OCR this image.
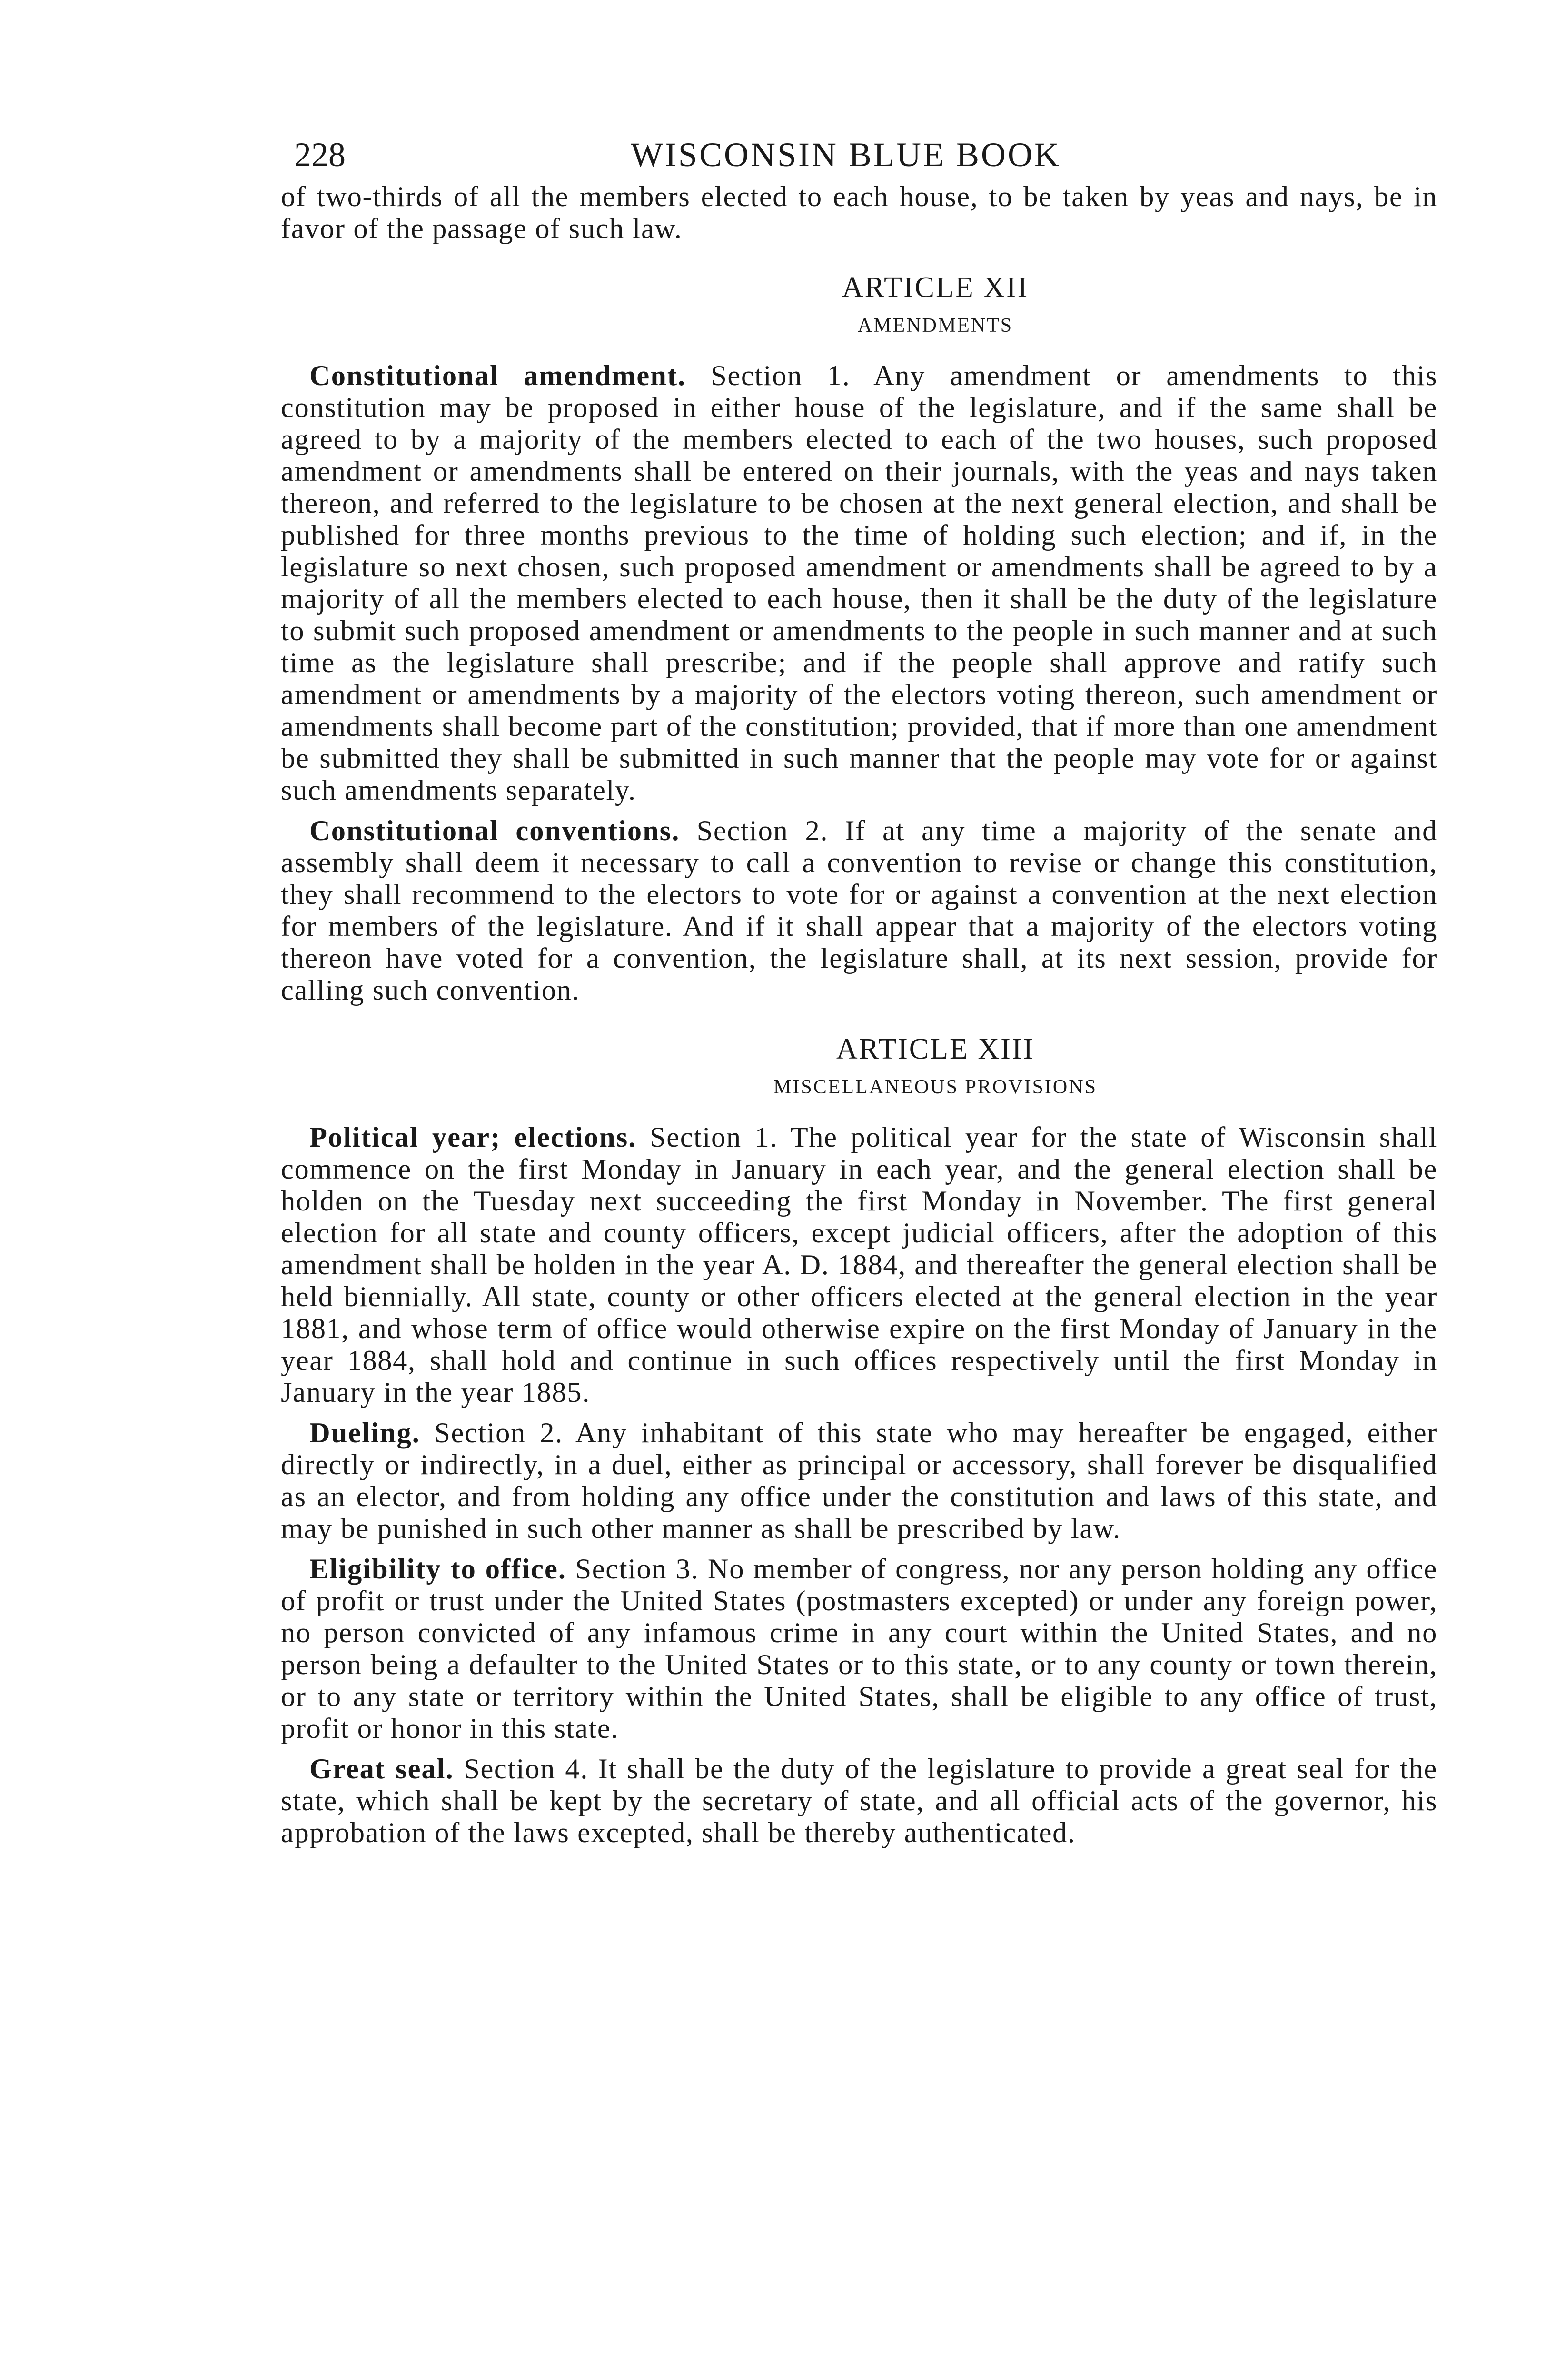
228	WISCONSIN BLUE BOOK

of two-thirds of all the members elected to each house, to be taken by yeas and nays, be in favor of the passage of such law.

ARTICLE XII
AMENDMENTS

Constitutional amendment. Section 1. Any amendment or amendments to this constitution may be proposed in either house of the legislature, and if the same shall be agreed to by a majority of the members elected to each of the two houses, such proposed amendment or amendments shall be entered on their journals, with the yeas and nays taken thereon, and referred to the legislature to be chosen at the next general election, and shall be published for three months previous to the time of holding such election; and if, in the legislature so next chosen, such proposed amendment or amendments shall be agreed to by a majority of all the members elected to each house, then it shall be the duty of the legislature to submit such proposed amendment or amendments to the people in such manner and at such time as the legislature shall prescribe; and if the people shall approve and ratify such amendment or amendments by a majority of the electors voting thereon, such amendment or amendments shall become part of the constitution; provided, that if more than one amendment be submitted they shall be submitted in such manner that the people may vote for or against such amendments separately.

Constitutional conventions. Section 2. If at any time a majority of the senate and assembly shall deem it necessary to call a convention to revise or change this constitution, they shall recommend to the electors to vote for or against a convention at the next election for members of the legislature. And if it shall appear that a majority of the electors voting thereon have voted for a convention, the legislature shall, at its next session, provide for calling such convention.

ARTICLE XIII
MISCELLANEOUS PROVISIONS

Political year; elections. Section 1. The political year for the state of Wisconsin shall commence on the first Monday in January in each year, and the general election shall be holden on the Tuesday next succeeding the first Monday in November. The first general election for all state and county officers, except judicial officers, after the adoption of this amendment shall be holden in the year A. D. 1884, and thereafter the general election shall be held biennially. All state, county or other officers elected at the general election in the year 1881, and whose term of office would otherwise expire on the first Monday of January in the year 1884, shall hold and continue in such offices respectively until the first Monday in January in the year 1885.

Dueling. Section 2. Any inhabitant of this state who may hereafter be engaged, either directly or indirectly, in a duel, either as principal or accessory, shall forever be disqualified as an elector, and from holding any office under the constitution and laws of this state, and may be punished in such other manner as shall be prescribed by law.

Eligibility to office. Section 3. No member of congress, nor any person holding any office of profit or trust under the United States (postmasters excepted) or under any foreign power, no person convicted of any infamous crime in any court within the United States, and no person being a defaulter to the United States or to this state, or to any county or town therein, or to any state or territory within the United States, shall be eligible to any office of trust, profit or honor in this state.

Great seal. Section 4. It shall be the duty of the legislature to provide a great seal for the state, which shall be kept by the secretary of state, and all official acts of the governor, his approbation of the laws excepted, shall be thereby authenticated.
